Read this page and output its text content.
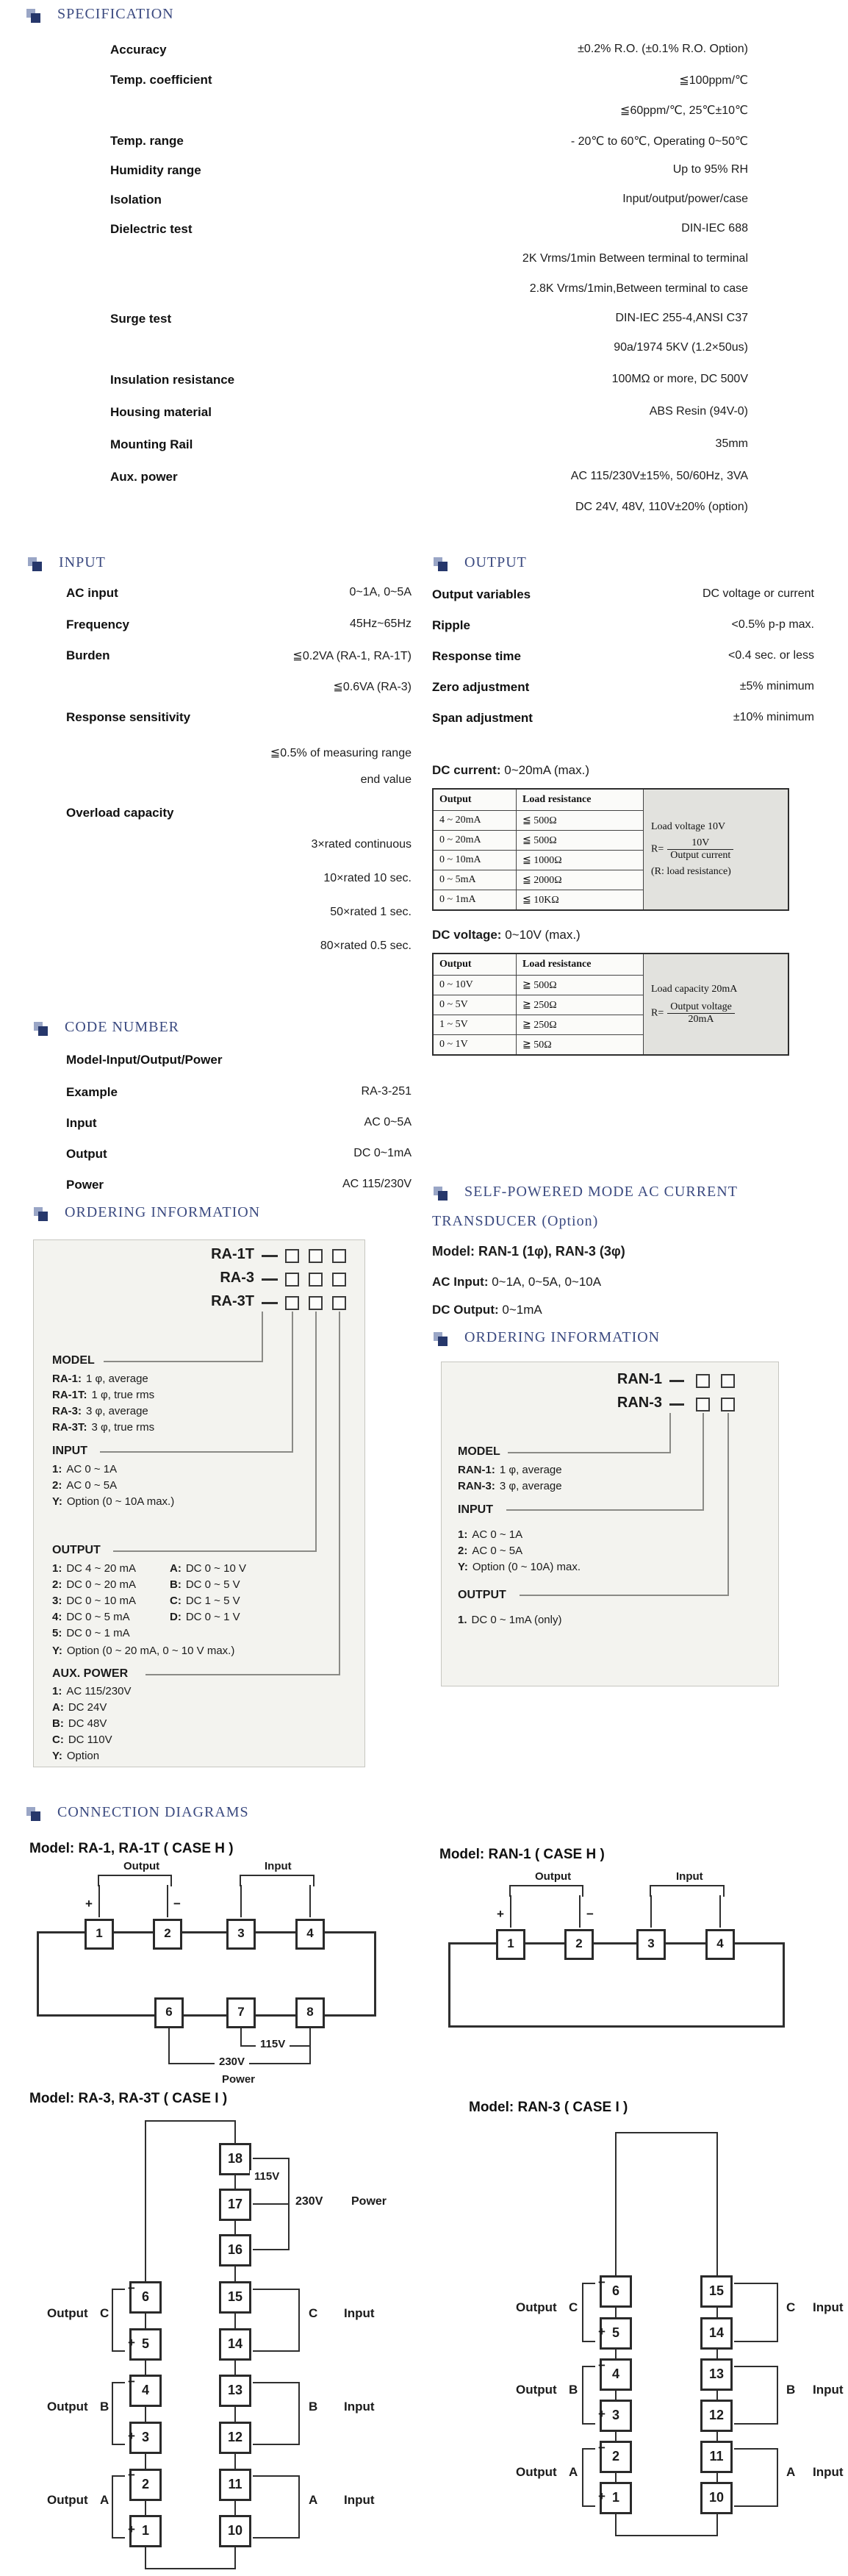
SPECIFICATION
Accuracy	±0.2% R.O. (±0.1% R.O. Option)
Temp. coefficient	≦100ppm/℃
≦60ppm/℃, 25℃±10℃
Temp. range	- 20℃ to 60℃, Operating 0~50℃
Humidity range	Up to 95% RH
Isolation	Input/output/power/case
Dielectric test	DIN-IEC 688
2K Vrms/1min Between terminal to terminal
2.8K Vrms/1min,Between terminal to case
Surge test	DIN-IEC 255-4,ANSI C37
90a/1974 5KV (1.2×50us)
Insulation resistance	100MΩ or more, DC 500V
Housing material	ABS Resin (94V-0)
Mounting Rail	35mm
Aux. power	AC 115/230V±15%, 50/60Hz, 3VA
DC 24V, 48V, 110V±20% (option)
INPUT
AC input	0~1A, 0~5A
Frequency	45Hz~65Hz
Burden	≦0.2VA (RA-1, RA-1T)
≦0.6VA (RA-3)
Response sensitivity
≦0.5% of measuring range
end value
Overload capacity
3×rated continuous
10×rated 10 sec.
50×rated 1 sec.
80×rated 0.5 sec.
OUTPUT
Output variables	DC voltage or current
Ripple	<0.5% p-p max.
Response time	<0.4 sec. or less
Zero adjustment	±5% minimum
Span adjustment	±10% minimum
DC current: 0~20mA (max.)
Output	Load resistance	Load voltage 10V
$R= \frac{10V}{\text{Output current}}$
(R: load resistance)

4 ~ 20mA	≦ 500Ω	
0 ~ 20mA	≦ 500Ω	
0 ~ 10mA	≦ 1000Ω	
0 ~ 5mA	≦ 2000Ω	
0 ~ 1mA	≦ 10KΩ	
DC voltage: 0~10V (max.)
Output	Load resistance	Load capacity 20mA
$R= \frac{\text{Output voltage}}{20mA}$

0 ~ 10V	≧ 500Ω	
0 ~ 5V	≧ 250Ω	
1 ~ 5V	≧ 250Ω	
0 ~ 1V	≧ 50Ω	
CODE NUMBER
Model-Input/Output/Power
Example	RA-3-251
Input	AC 0~5A
Output	DC 0~1mA
Power	AC 115/230V
ORDERING INFORMATION
RA-1T
RA-3
RA-3T
MODEL
RA-1: 1 φ, average
RA-1T: 1 φ, true rms
RA-3: 3 φ, average
RA-3T: 3 φ, true rms
INPUT
1: AC 0 ~ 1A
2: AC 0 ~ 5A
Y: Option (0 ~ 10A max.)
OUTPUT
1: DC 4 ~ 20 mA
2: DC 0 ~ 20 mA
3: DC 0 ~ 10 mA
4: DC 0 ~ 5 mA
5: DC 0 ~ 1 mA
A: DC 0 ~ 10 V
B: DC 0 ~ 5 V
C: DC 1 ~ 5 V
D: DC 0 ~ 1 V
Y: Option (0 ~ 20 mA, 0 ~ 10 V max.)
AUX. POWER
1: AC 115/230V
A: DC 24V
B: DC 48V
C: DC 110V
Y: Option
SELF-POWERED MODE AC CURRENT
TRANSDUCER (Option)
Model: RAN-1 (1φ), RAN-3 (3φ)
AC Input: 0~1A, 0~5A, 0~10A
DC Output: 0~1mA
ORDERING INFORMATION
RAN-1
RAN-3
MODEL
RAN-1: 1 φ, average
RAN-3: 3 φ, average
INPUT
1: AC 0 ~ 1A
2: AC 0 ~ 5A
Y: Option (0 ~ 10A) max.
OUTPUT
1. DC 0 ~ 1mA (only)
CONNECTION DIAGRAMS
Model: RA-1, RA-1T ( CASE H )
Output
+	−
Input
1	2	3	4
6	7	8
115V
230V
Power
Model: RAN-1 ( CASE H )
Output
+	−
Input
1	2	3	4
Model: RA-3, RA-3T ( CASE I )
18
17
16
115V
230V Power
6
5
4
3
2
1
15
14
13
12
11
10
−
+
Output C
−
+
Output B
−
+
Output A
C Input
B Input
A Input
Model: RAN-3 ( CASE I )
6
5
4
3
2
1
15
14
13
12
11
10
−
+
Output C
−
+
Output B
−
+
Output A
C Input
B Input
A Input
